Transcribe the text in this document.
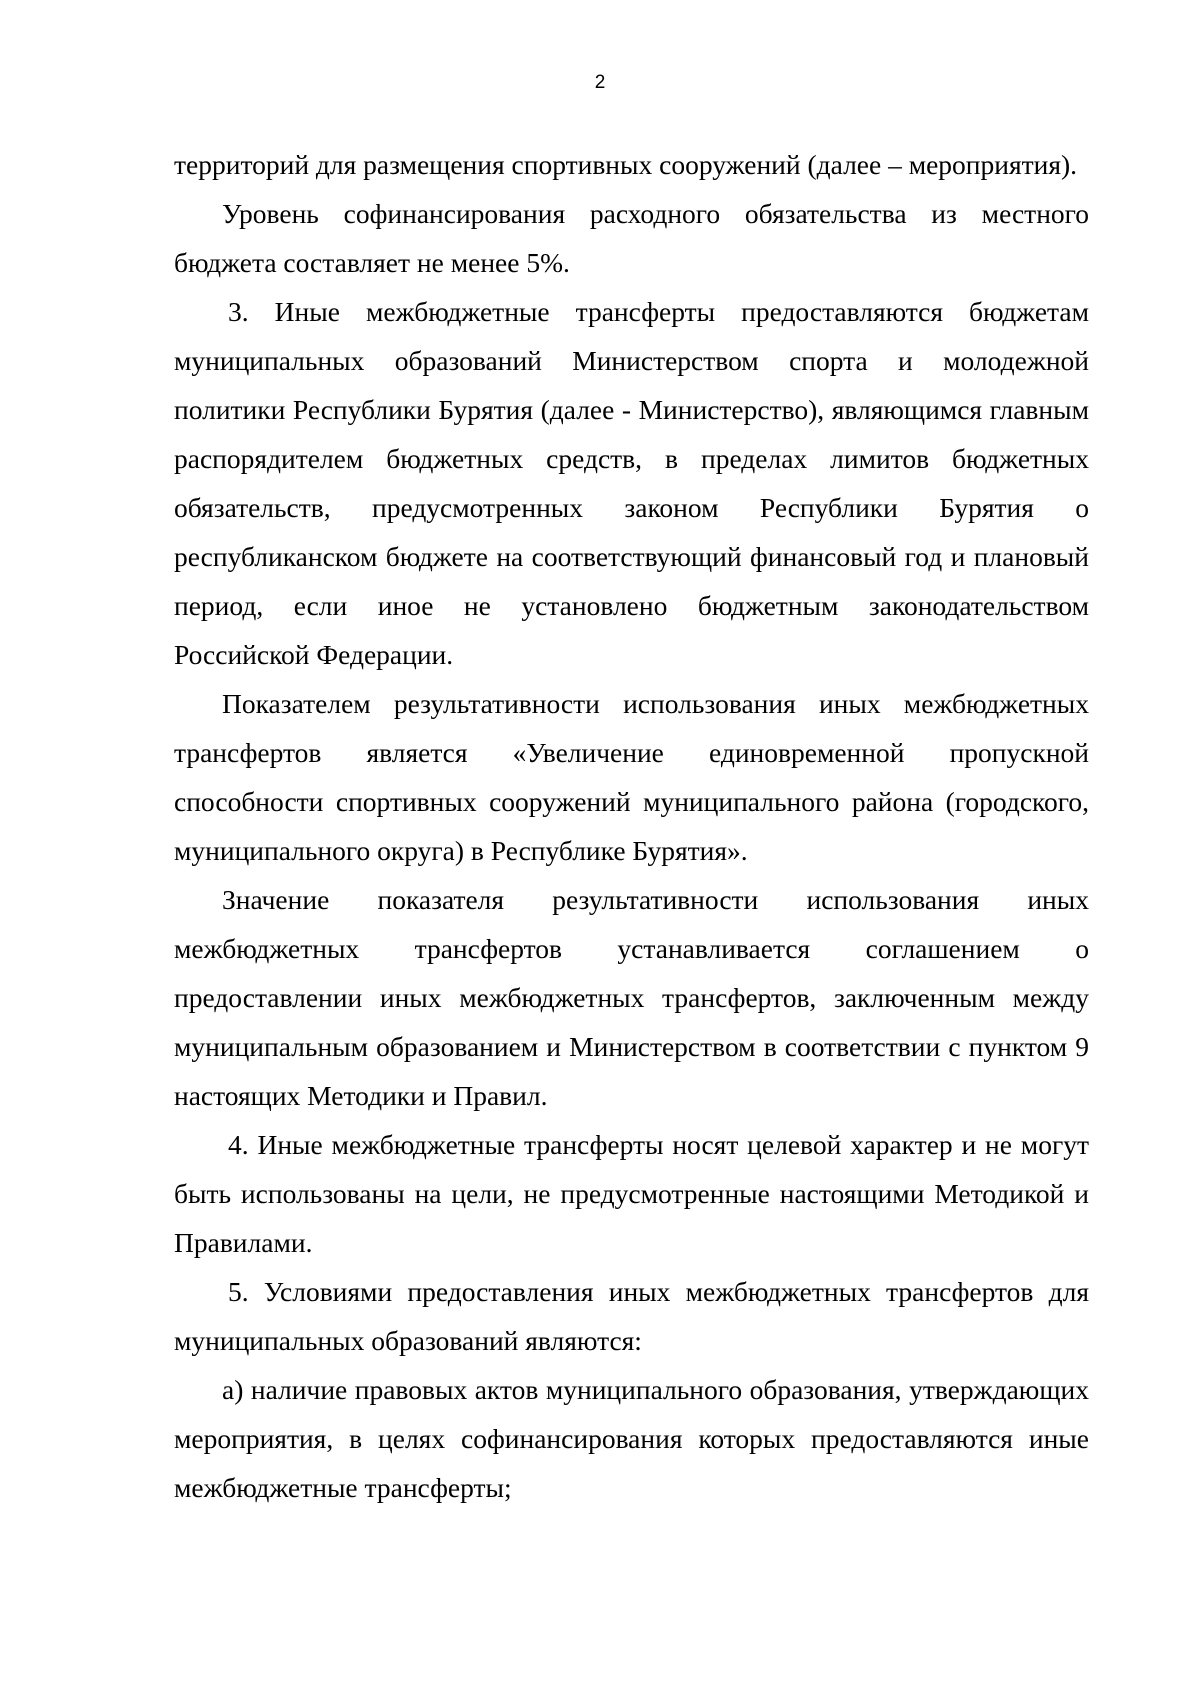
2

территорий для размещения спортивных сооружений (далее – мероприятия).

Уровень софинансирования расходного обязательства из местного бюджета составляет не менее 5%.

3. Иные межбюджетные трансферты предоставляются бюджетам муниципальных образований Министерством спорта и молодежной политики Республики Бурятия (далее - Министерство), являющимся главным распорядителем бюджетных средств, в пределах лимитов бюджетных обязательств, предусмотренных законом Республики Бурятия о республиканском бюджете на соответствующий финансовый год и плановый период, если иное не установлено бюджетным законодательством Российской Федерации.

Показателем результативности использования иных межбюджетных трансфертов является «Увеличение единовременной пропускной способности спортивных сооружений муниципального района (городского, муниципального округа) в Республике Бурятия».

Значение показателя результативности использования иных межбюджетных трансфертов устанавливается соглашением о предоставлении иных межбюджетных трансфертов, заключенным между муниципальным образованием и Министерством в соответствии с пунктом 9 настоящих Методики и Правил.

4. Иные межбюджетные трансферты носят целевой характер и не могут быть использованы на цели, не предусмотренные настоящими Методикой и Правилами.

5. Условиями предоставления иных межбюджетных трансфертов для муниципальных образований являются:

а) наличие правовых актов муниципального образования, утверждающих мероприятия, в целях софинансирования которых предоставляются иные межбюджетные трансферты;
